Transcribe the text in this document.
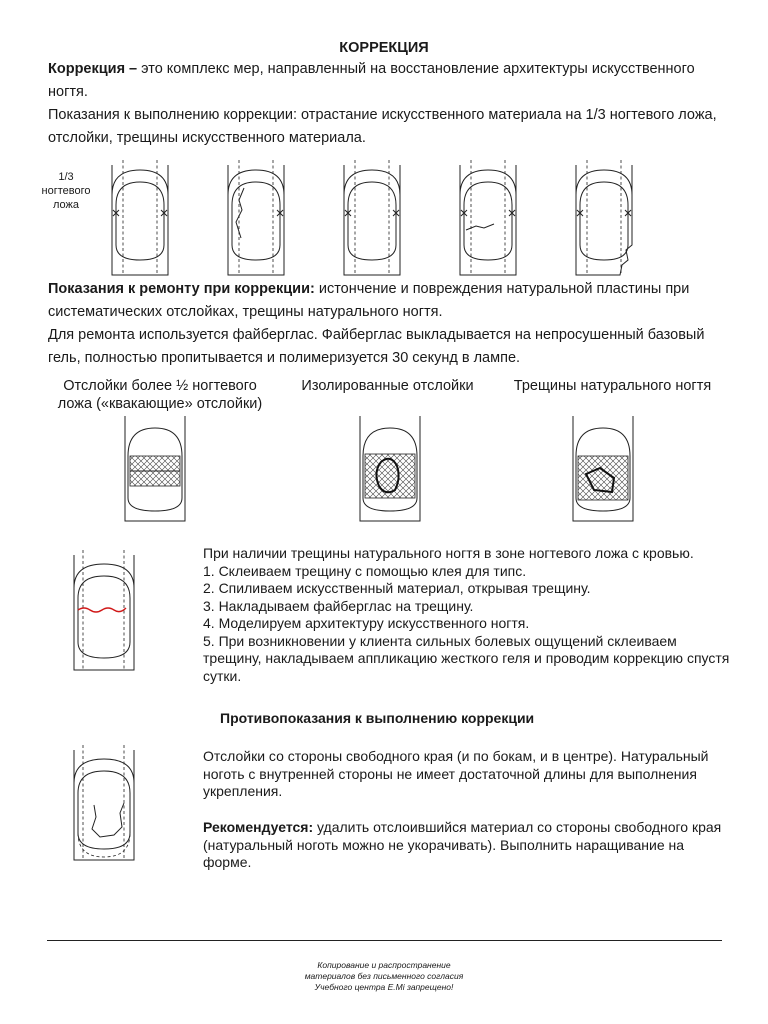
КОРРЕКЦИЯ
Коррекция – это комплекс мер, направленный на восстановление архитектуры искусственного ногтя.
Показания к выполнению коррекции: отрастание искусственного материала на 1/3 ногтевого ложа, отслойки, трещины искусственного материала.
1/3
ногтевого
ложа
Показания к ремонту при коррекции: истончение и повреждения натуральной пластины при систематических отслойках, трещины натурального ногтя.
Для ремонта используется файберглас. Файберглас выкладывается на непросушенный базовый гель, полностью пропитывается и полимеризуется 30 секунд в лампе.
Отслойки более ½ ногтевого ложа («квакающие» отслойки)
Изолированные отслойки	Трещины натурального ногтя
При наличии трещины натурального ногтя в зоне ногтевого ложа с кровью.
1. Склеиваем трещину с помощью клея для типс.
2. Спиливаем искусственный материал, открывая трещину.
3. Накладываем файберглас на трещину.
4. Моделируем архитектуру искусственного ногтя.
5. При возникновении у клиента сильных болевых ощущений склеиваем трещину, накладываем аппликацию жесткого геля и проводим коррекцию спустя сутки.
Противопоказания к выполнению коррекции
Отслойки со стороны свободного края (и по бокам, и в центре). Натуральный ноготь с внутренней стороны не имеет достаточной длины для выполнения укрепления.
Рекомендуется: удалить отслоившийся материал со стороны свободного края (натуральный ноготь можно не укорачивать). Выполнить наращивание на форме.
Копирование и распространение материалов без письменного согласия Учебного центра E.Mi запрещено!
